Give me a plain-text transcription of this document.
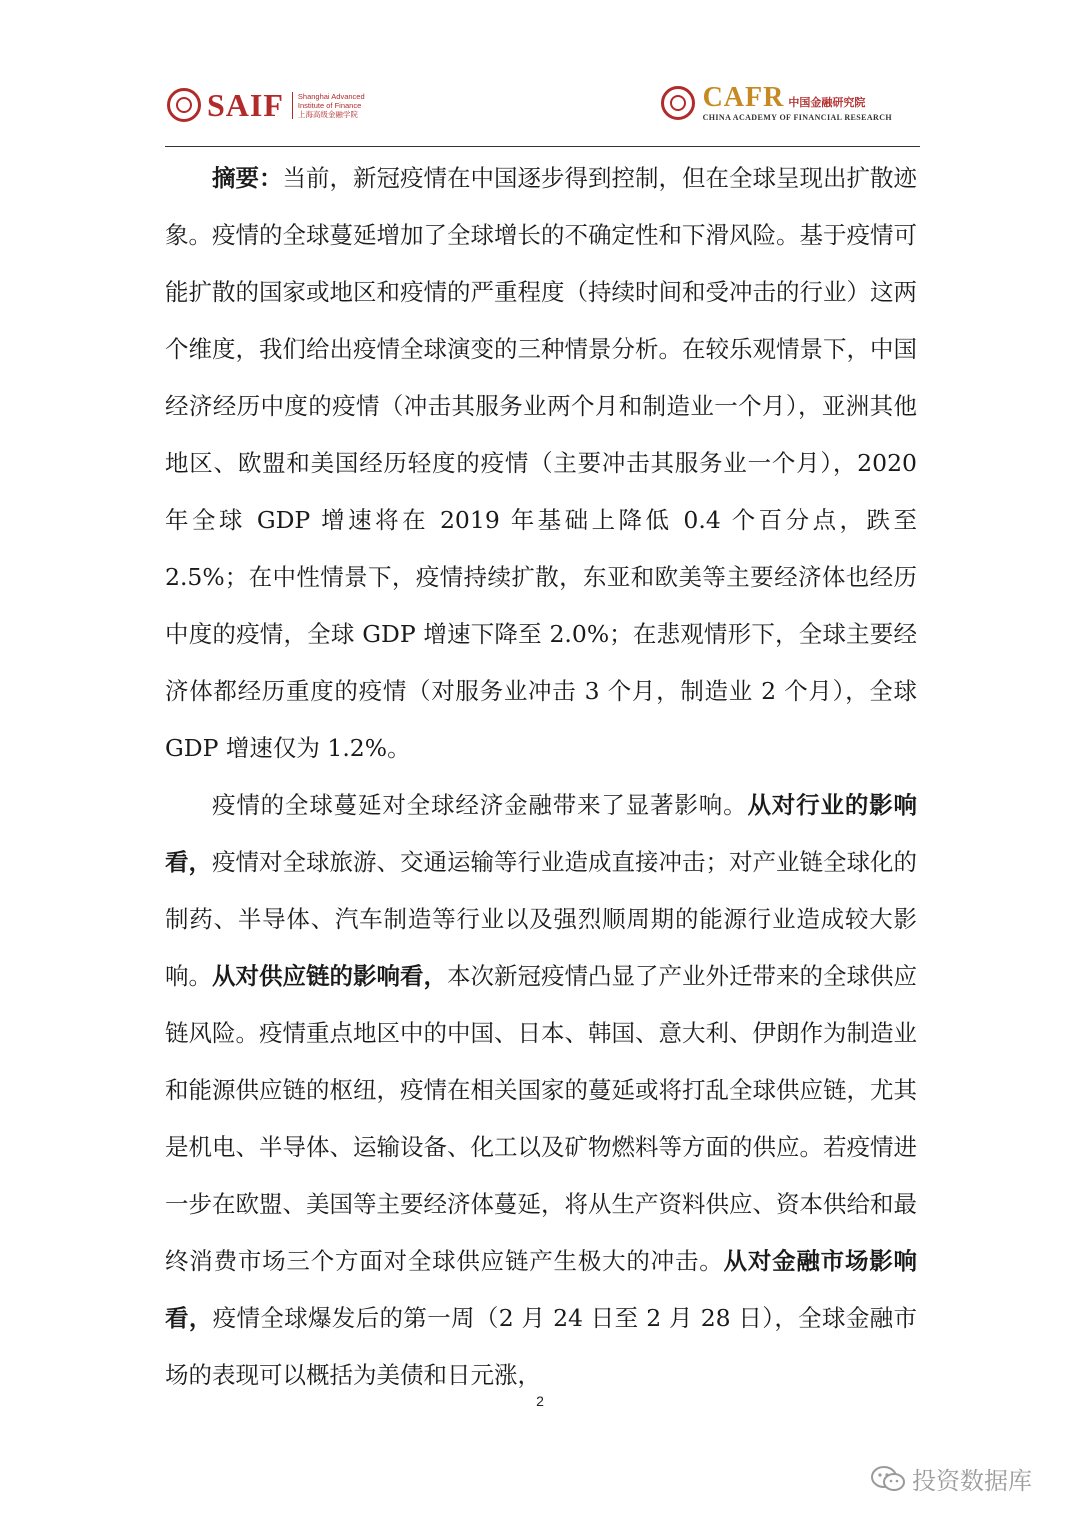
SAIF Shanghai Advanced
Institute of Finance
上海高级金融学院
CAFR 中国金融研究院
CHINA ACADEMY OF FINANCIAL RESEARCH

摘要：当前，新冠疫情在中国逐步得到控制，但在全球呈现出扩散迹象。疫情的全球蔓延增加了全球增长的不确定性和下滑风险。基于疫情可能扩散的国家或地区和疫情的严重程度（持续时间和受冲击的行业）这两个维度，我们给出疫情全球演变的三种情景分析。在较乐观情景下，中国经济经历中度的疫情（冲击其服务业两个月和制造业一个月），亚洲其他地区、欧盟和美国经历轻度的疫情（主要冲击其服务业一个月），2020 年全球 GDP 增速将在 2019 年基础上降低 0.4 个百分点，跌至 2.5%；在中性情景下，疫情持续扩散，东亚和欧美等主要经济体也经历中度的疫情，全球 GDP 增速下降至 2.0%；在悲观情形下，全球主要经济体都经历重度的疫情（对服务业冲击 3 个月，制造业 2 个月），全球 GDP 增速仅为 1.2%。

疫情的全球蔓延对全球经济金融带来了显著影响。从对行业的影响看，疫情对全球旅游、交通运输等行业造成直接冲击；对产业链全球化的制药、半导体、汽车制造等行业以及强烈顺周期的能源行业造成较大影响。从对供应链的影响看，本次新冠疫情凸显了产业外迁带来的全球供应链风险。疫情重点地区中的中国、日本、韩国、意大利、伊朗作为制造业和能源供应链的枢纽，疫情在相关国家的蔓延或将打乱全球供应链，尤其是机电、半导体、运输设备、化工以及矿物燃料等方面的供应。若疫情进一步在欧盟、美国等主要经济体蔓延，将从生产资料供应、资本供给和最终消费市场三个方面对全球供应链产生极大的冲击。从对金融市场影响看，疫情全球爆发后的第一周（2 月 24 日至 2 月 28 日），全球金融市场的表现可以概括为美债和日元涨，

2
投资数据库
